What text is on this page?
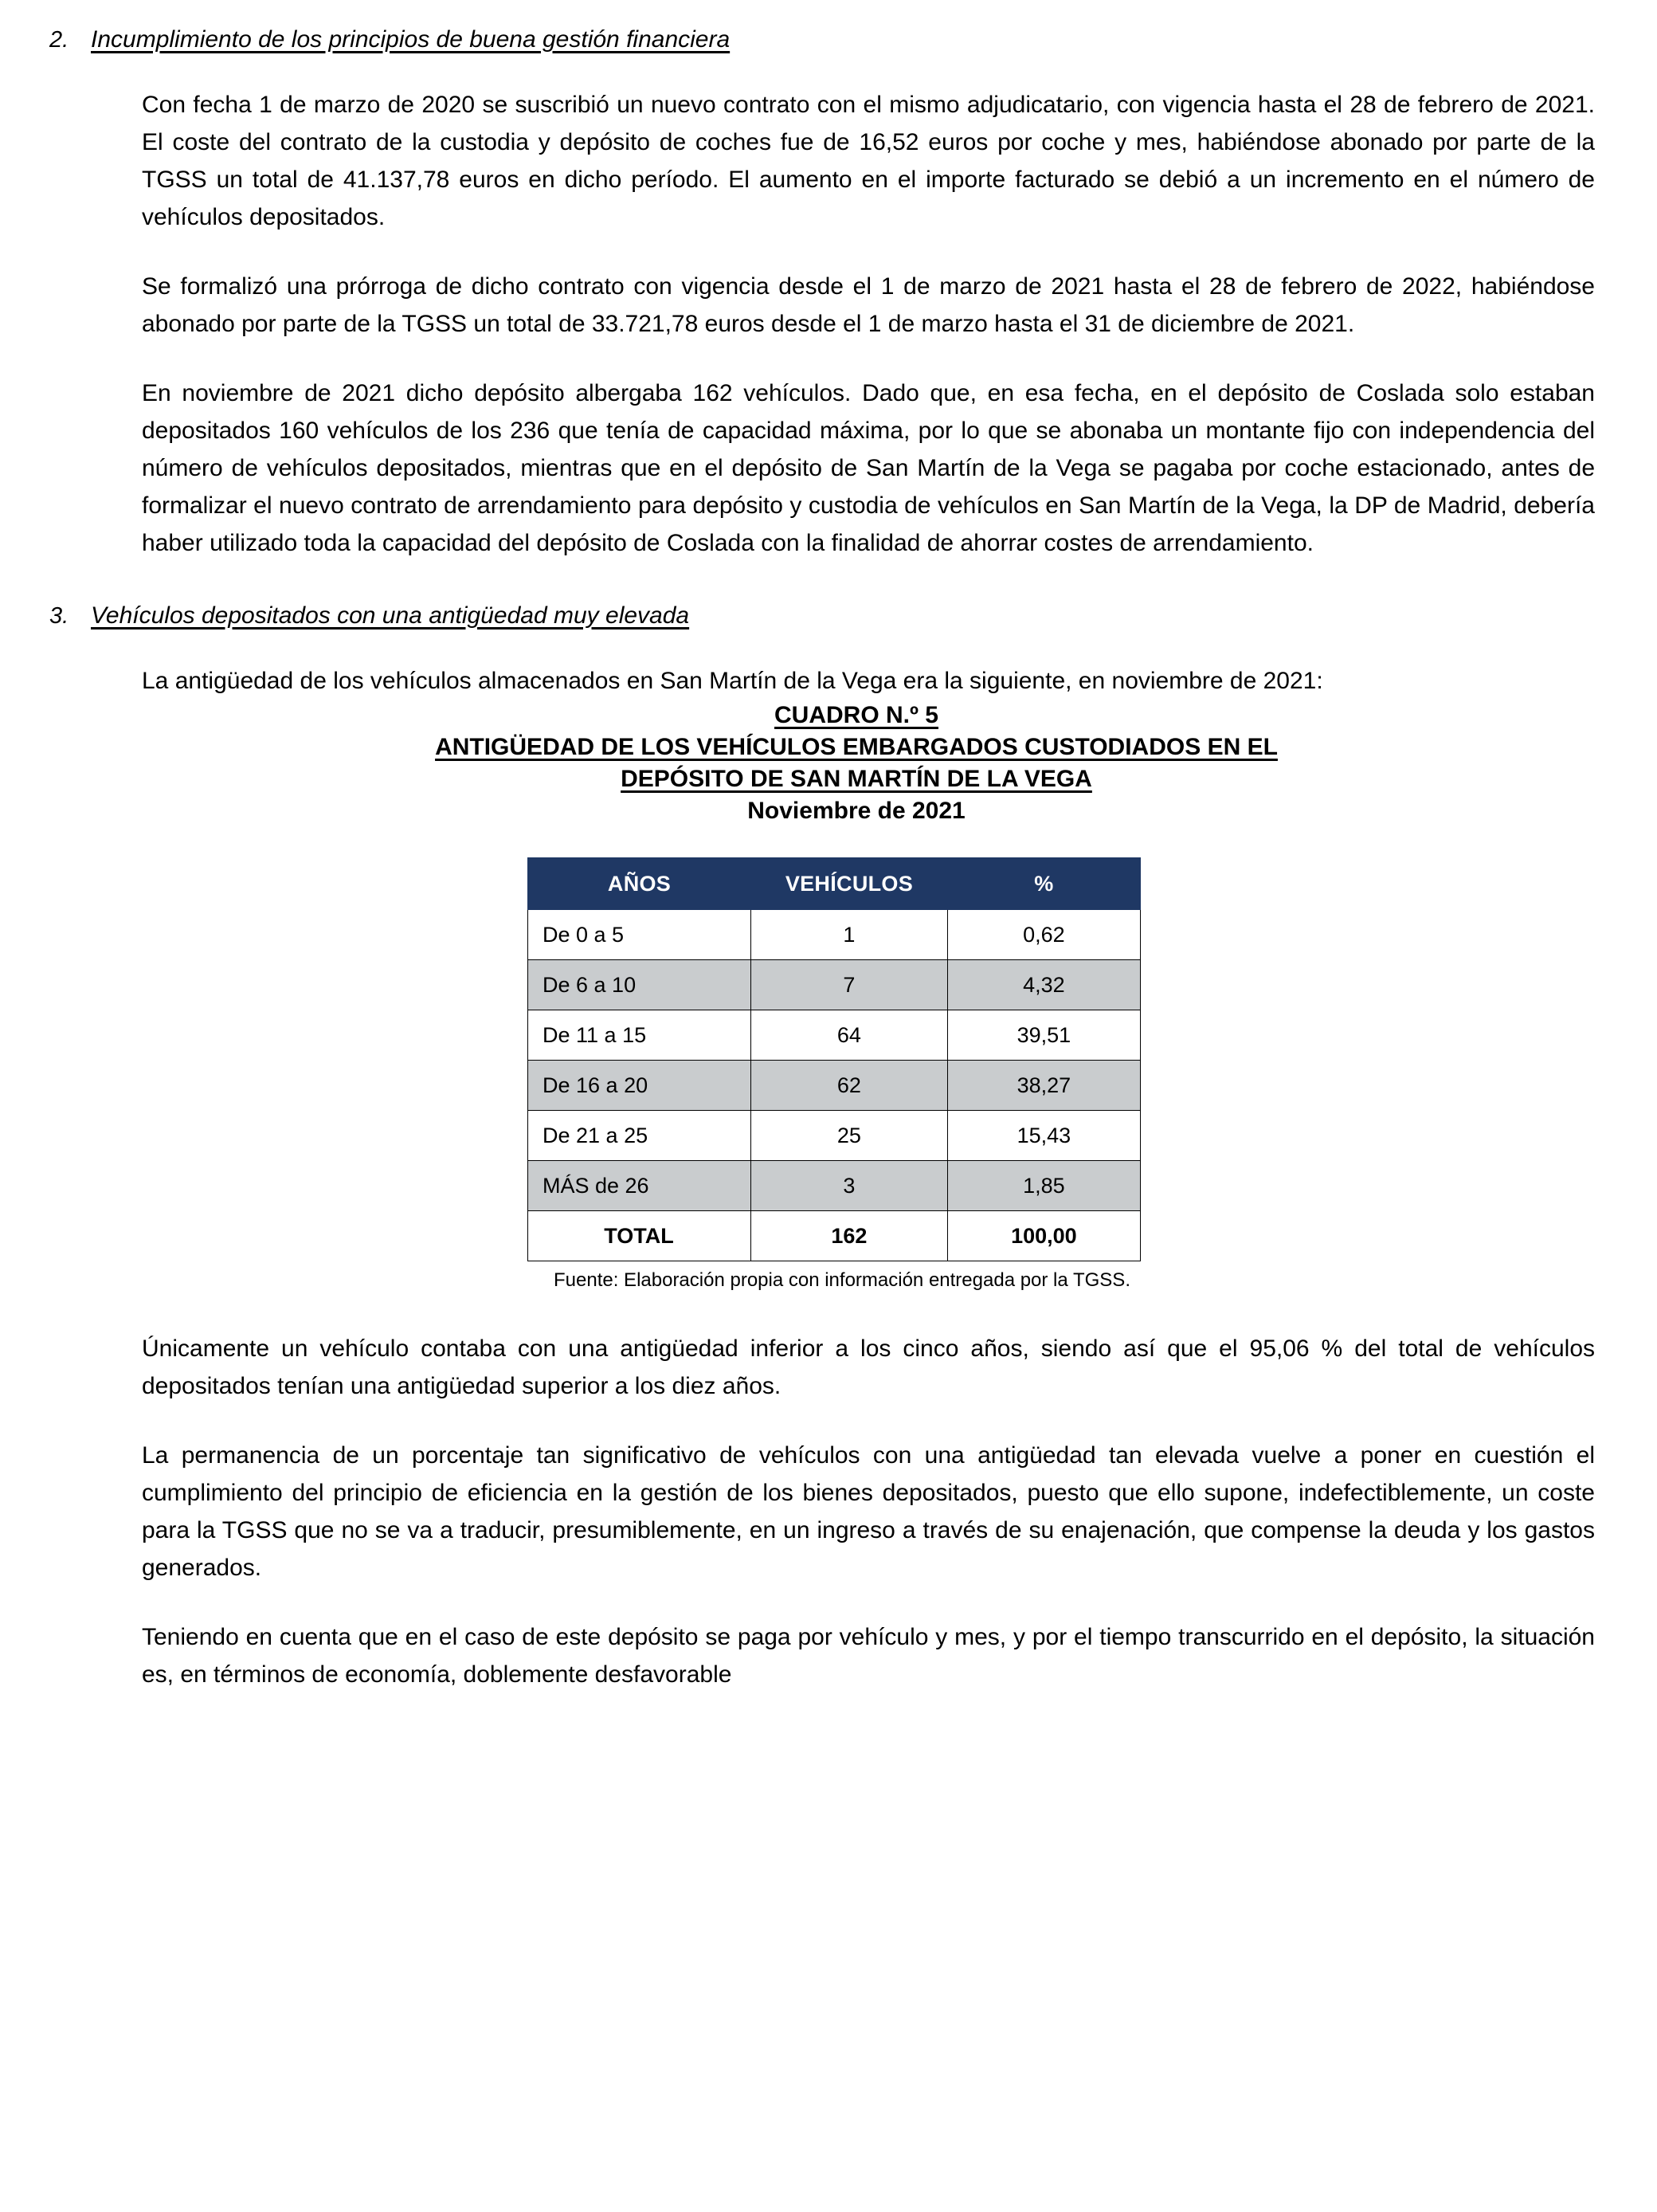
2. Incumplimiento de los principios de buena gestión financiera
Con fecha 1 de marzo de 2020 se suscribió un nuevo contrato con el mismo adjudicatario, con vigencia hasta el 28 de febrero de 2021. El coste del contrato de la custodia y depósito de coches fue de 16,52 euros por coche y mes, habiéndose abonado por parte de la TGSS un total de 41.137,78 euros en dicho período. El aumento en el importe facturado se debió a un incremento en el número de vehículos depositados.
Se formalizó una prórroga de dicho contrato con vigencia desde el 1 de marzo de 2021 hasta el 28 de febrero de 2022, habiéndose abonado por parte de la TGSS un total de 33.721,78 euros desde el 1 de marzo hasta el 31 de diciembre de 2021.
En noviembre de 2021 dicho depósito albergaba 162 vehículos. Dado que, en esa fecha, en el depósito de Coslada solo estaban depositados 160 vehículos de los 236 que tenía de capacidad máxima, por lo que se abonaba un montante fijo con independencia del número de vehículos depositados, mientras que en el depósito de San Martín de la Vega se pagaba por coche estacionado, antes de formalizar el nuevo contrato de arrendamiento para depósito y custodia de vehículos en San Martín de la Vega, la DP de Madrid, debería haber utilizado toda la capacidad del depósito de Coslada con la finalidad de ahorrar costes de arrendamiento.
3. Vehículos depositados con una antigüedad muy elevada
La antigüedad de los vehículos almacenados en San Martín de la Vega era la siguiente, en noviembre de 2021:
CUADRO N.º 5
ANTIGÜEDAD DE LOS VEHÍCULOS EMBARGADOS CUSTODIADOS EN EL
DEPÓSITO DE SAN MARTÍN DE LA VEGA
Noviembre de 2021
AÑOS	VEHÍCULOS	%
De 0 a 5	1	0,62
De 6 a 10	7	4,32
De 11 a 15	64	39,51
De 16 a 20	62	38,27
De 21 a 25	25	15,43
MÁS de 26	3	1,85
TOTAL	162	100,00
Fuente: Elaboración propia con información entregada por la TGSS.
Únicamente un vehículo contaba con una antigüedad inferior a los cinco años, siendo así que el 95,06 % del total de vehículos depositados tenían una antigüedad superior a los diez años.
La permanencia de un porcentaje tan significativo de vehículos con una antigüedad tan elevada vuelve a poner en cuestión el cumplimiento del principio de eficiencia en la gestión de los bienes depositados, puesto que ello supone, indefectiblemente, un coste para la TGSS que no se va a traducir, presumiblemente, en un ingreso a través de su enajenación, que compense la deuda y los gastos generados.
Teniendo en cuenta que en el caso de este depósito se paga por vehículo y mes, y por el tiempo transcurrido en el depósito, la situación es, en términos de economía, doblemente desfavorable
